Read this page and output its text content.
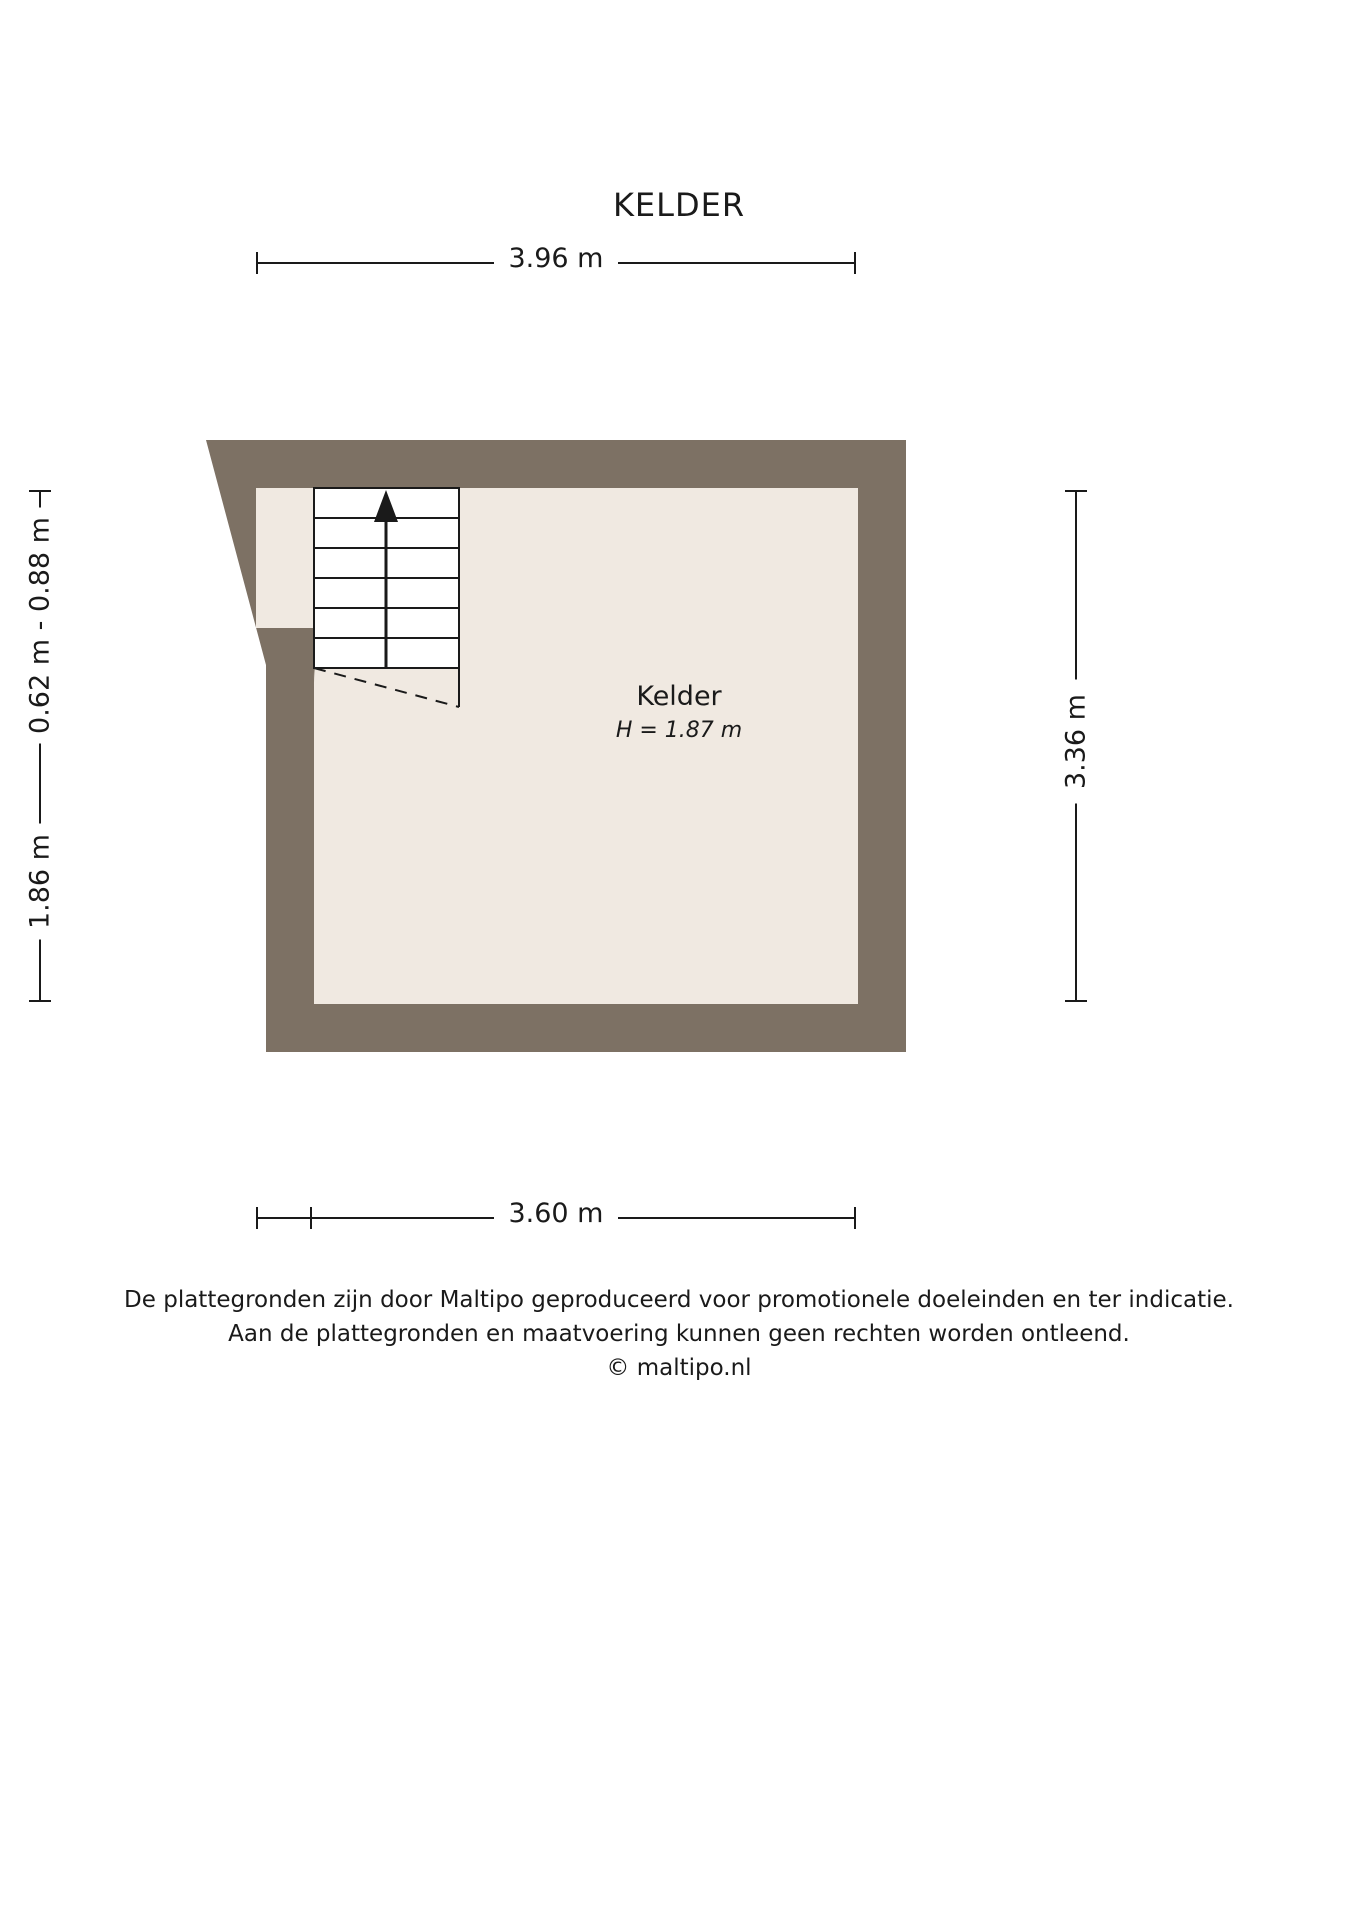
KELDER
3.96 m
3.36 m
0.62 m - 0.88 m
1.86 m
Kelder
H = 1.87 m
3.60 m
De plattegronden zijn door Maltipo geproduceerd voor promotionele doeleinden en ter indicatie.
Aan de plattegronden en maatvoering kunnen geen rechten worden ontleend.
© maltipo.nl
